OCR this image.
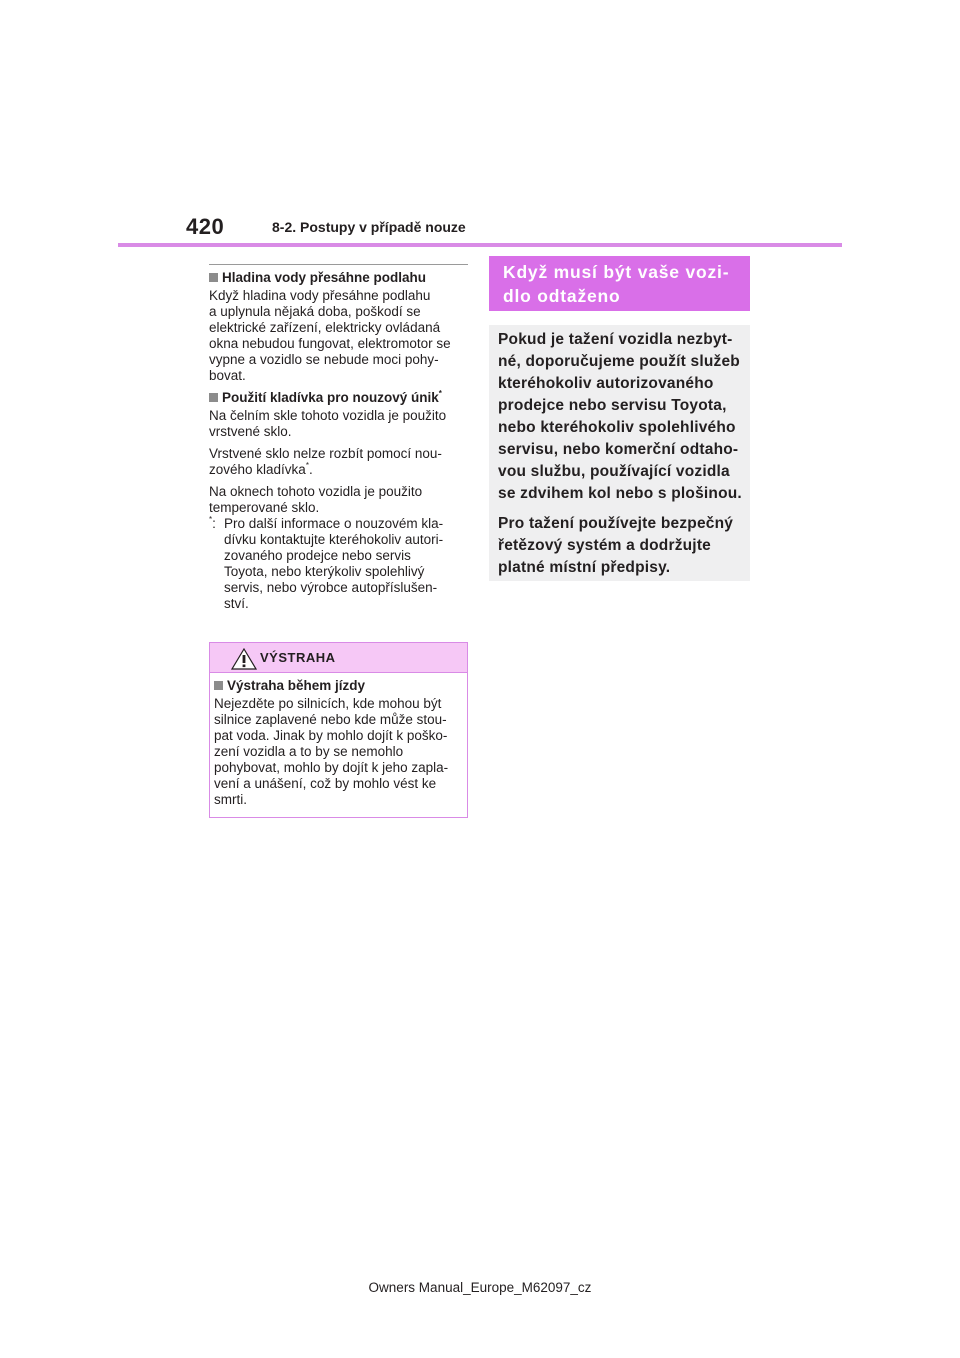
420	8-2. Postupy v případě nouze
Hladina vody přesáhne podlahu
Když hladina vody přesáhne podlahu
a uplynula nějaká doba, poškodí se
elektrické zařízení, elektricky ovládaná
okna nebudou fungovat, elektromotor se
vypne a vozidlo se nebude moci pohy-
bovat.
Použití kladívka pro nouzový únik*
Na čelním skle tohoto vozidla je použito
vrstvené sklo.
Vrstvené sklo nelze rozbít pomocí nou-
zového kladívka*.
Na oknech tohoto vozidla je použito
temperované sklo.
*: Pro další informace o nouzovém kla-
dívku kontaktujte kteréhokoliv autori-
zovaného prodejce nebo servis
Toyota, nebo kterýkoliv spolehlivý
servis, nebo výrobce autopříslušen-
ství.
VÝSTRAHA
Výstraha během jízdy
Nejezděte po silnicích, kde mohou být
silnice zaplavené nebo kde může stou-
pat voda. Jinak by mohlo dojít k poško-
zení vozidla a to by se nemohlo
pohybovat, mohlo by dojít k jeho zapla-
vení a unášení, což by mohlo vést ke
smrti.
Když musí být vaše vozi-
dlo odtaženo
Pokud je tažení vozidla nezbyt-
né, doporučujeme použít služeb
kteréhokoliv autorizovaného
prodejce nebo servisu Toyota,
nebo kteréhokoliv spolehlivého
servisu, nebo komerční odtaho-
vou službu, používající vozidla
se zdvihem kol nebo s plošinou.
Pro tažení používejte bezpečný
řetězový systém a dodržujte
platné místní předpisy.
Owners Manual_Europe_M62097_cz
